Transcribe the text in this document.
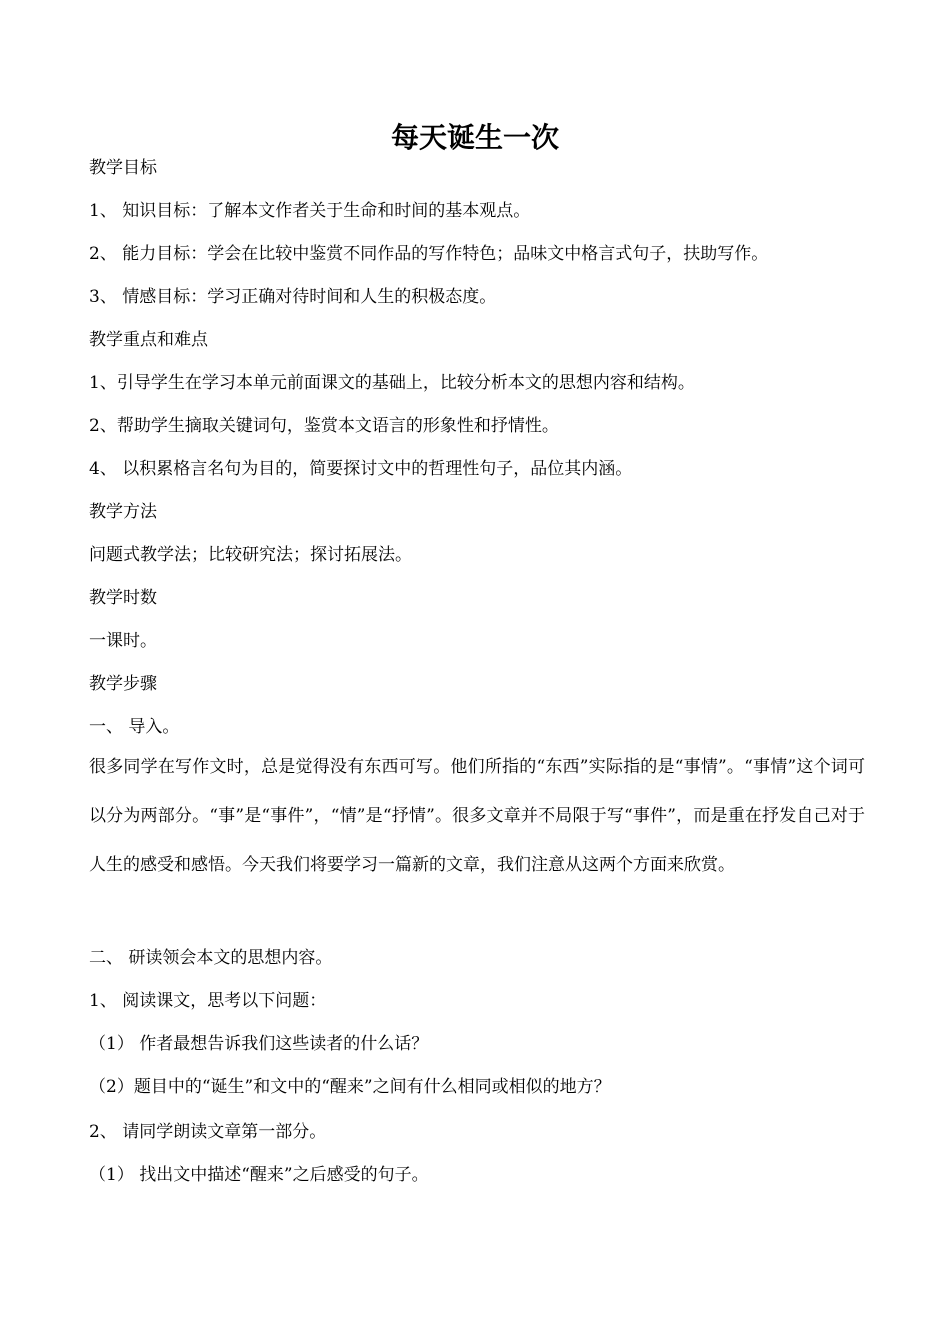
每天诞生一次

教学目标

1、 知识目标：了解本文作者关于生命和时间的基本观点。

2、 能力目标：学会在比较中鉴赏不同作品的写作特色；品味文中格言式句子，扶助写作。

3、 情感目标：学习正确对待时间和人生的积极态度。

教学重点和难点

1、引导学生在学习本单元前面课文的基础上，比较分析本文的思想内容和结构。

2、帮助学生摘取关键词句，鉴赏本文语言的形象性和抒情性。

4、 以积累格言名句为目的，简要探讨文中的哲理性句子，品位其内涵。

教学方法

问题式教学法；比较研究法；探讨拓展法。

教学时数

一课时。

教学步骤

一、 导入。

很多同学在写作文时，总是觉得没有东西可写。他们所指的“东西”实际指的是“事情”。“事情”这个词可以分为两部分。“事”是“事件”，“情”是“抒情”。很多文章并不局限于写“事件”，而是重在抒发自己对于人生的感受和感悟。今天我们将要学习一篇新的文章，我们注意从这两个方面来欣赏。

二、 研读领会本文的思想内容。

1、 阅读课文，思考以下问题：

（1） 作者最想告诉我们这些读者的什么话？

（2）题目中的“诞生”和文中的“醒来”之间有什么相同或相似的地方？

2、 请同学朗读文章第一部分。

（1） 找出文中描述“醒来”之后感受的句子。
